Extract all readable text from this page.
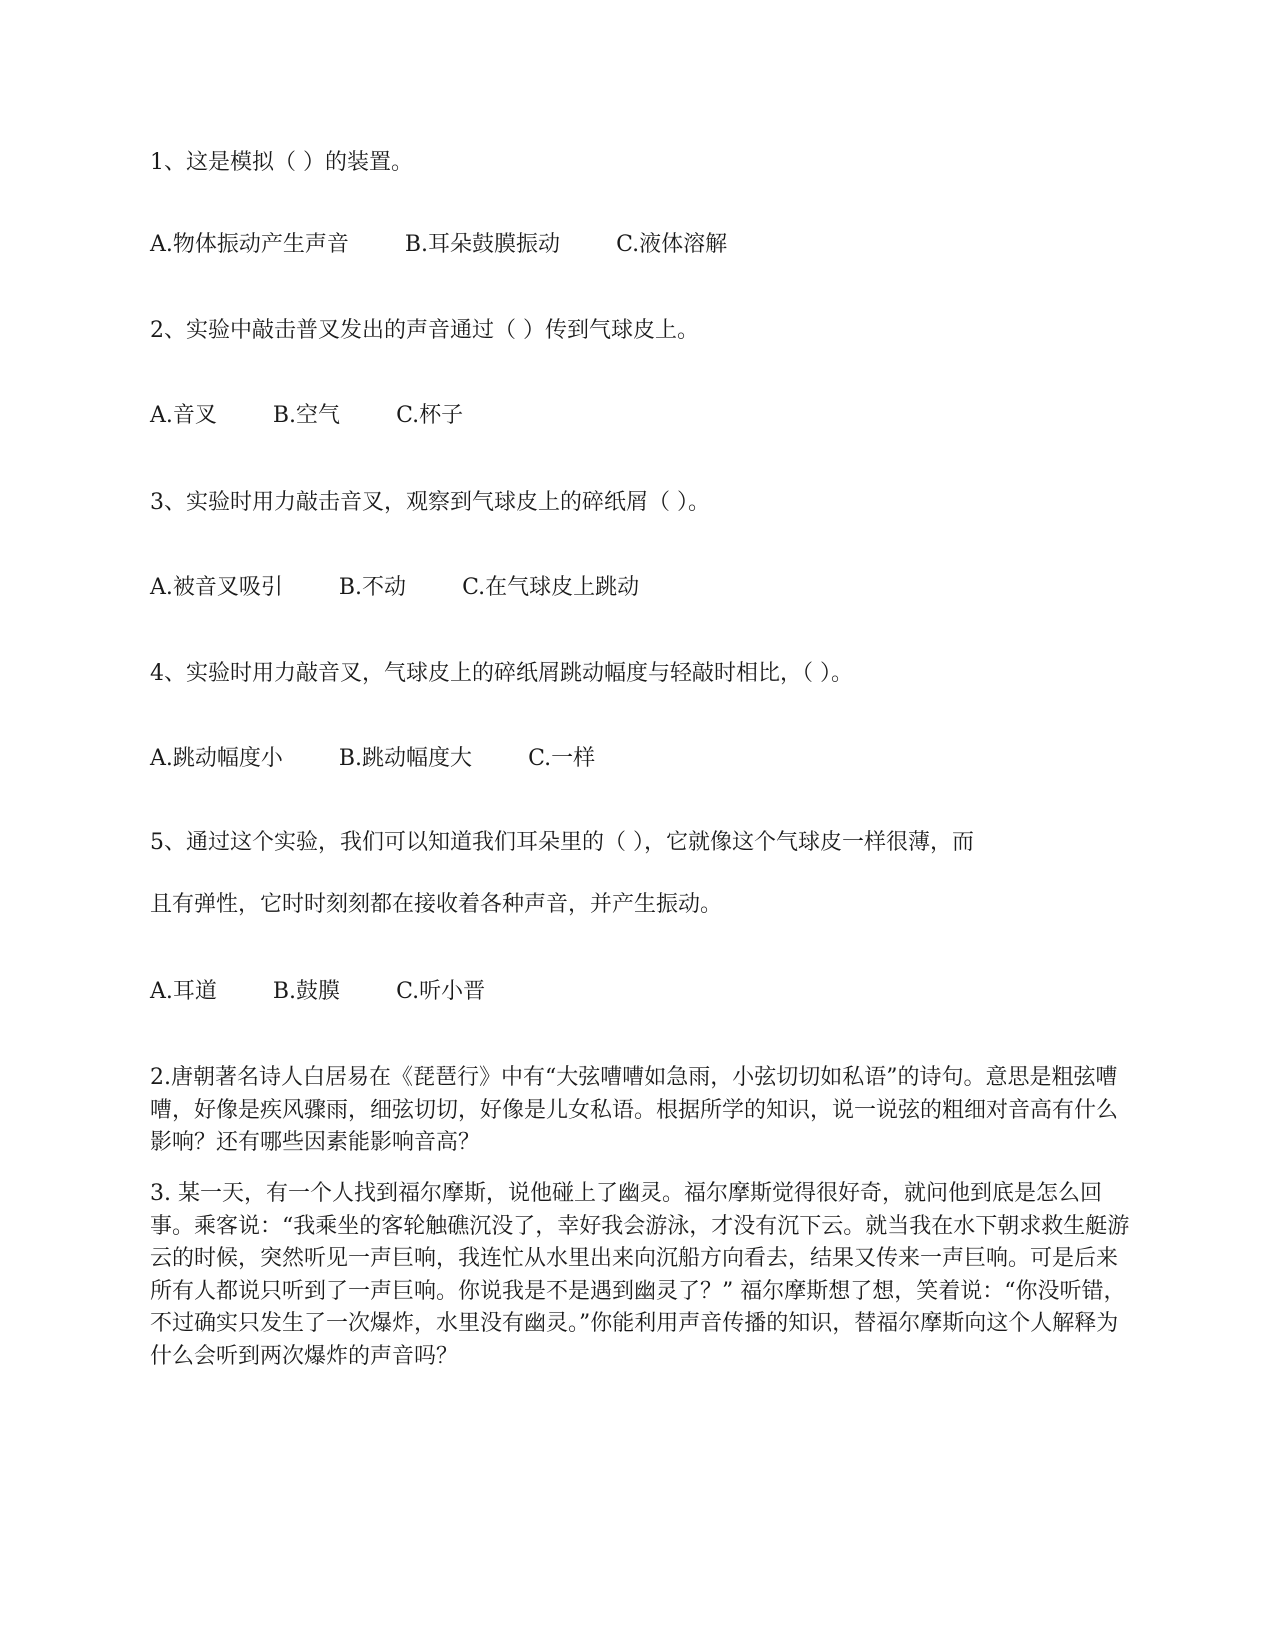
1、这是模拟（ ）的装置。
A.物体振动产生声音	B.耳朵鼓膜振动	C.液体溶解
2、实验中敲击普叉发出的声音通过（ ）传到气球皮上。
A.音叉	B.空气	C.杯子
3、实验时用力敲击音叉，观察到气球皮上的碎纸屑（ ）。
A.被音叉吸引	B.不动	C.在气球皮上跳动
4、实验时用力敲音叉，气球皮上的碎纸屑跳动幅度与轻敲时相比，（ ）。
A.跳动幅度小	B.跳动幅度大	C.一样
5、通过这个实验，我们可以知道我们耳朵里的（ ），它就像这个气球皮一样很薄，而
且有弹性，它时时刻刻都在接收着各种声音，并产生振动。
A.耳道	B.鼓膜	C.听小晋

2.唐朝著名诗人白居易在《琵琶行》中有“大弦嘈嘈如急雨，小弦切切如私语”的诗句。意思是粗弦嘈嘈，好像是疾风骤雨，细弦切切，好像是儿女私语。根据所学的知识，说一说弦的粗细对音高有什么影响？还有哪些因素能影响音高？

3. 某一天，有一个人找到福尔摩斯，说他碰上了幽灵。福尔摩斯觉得很好奇，就问他到底是怎么回事。乘客说：“我乘坐的客轮触礁沉没了，幸好我会游泳，才没有沉下云。就当我在水下朝求救生艇游云的时候，突然听见一声巨响，我连忙从水里出来向沉船方向看去，结果又传来一声巨响。可是后来所有人都说只听到了一声巨响。你说我是不是遇到幽灵了？” 福尔摩斯想了想，笑着说：“你没听错，不过确实只发生了一次爆炸，水里没有幽灵。”你能利用声音传播的知识，替福尔摩斯向这个人解释为什么会听到两次爆炸的声音吗？
